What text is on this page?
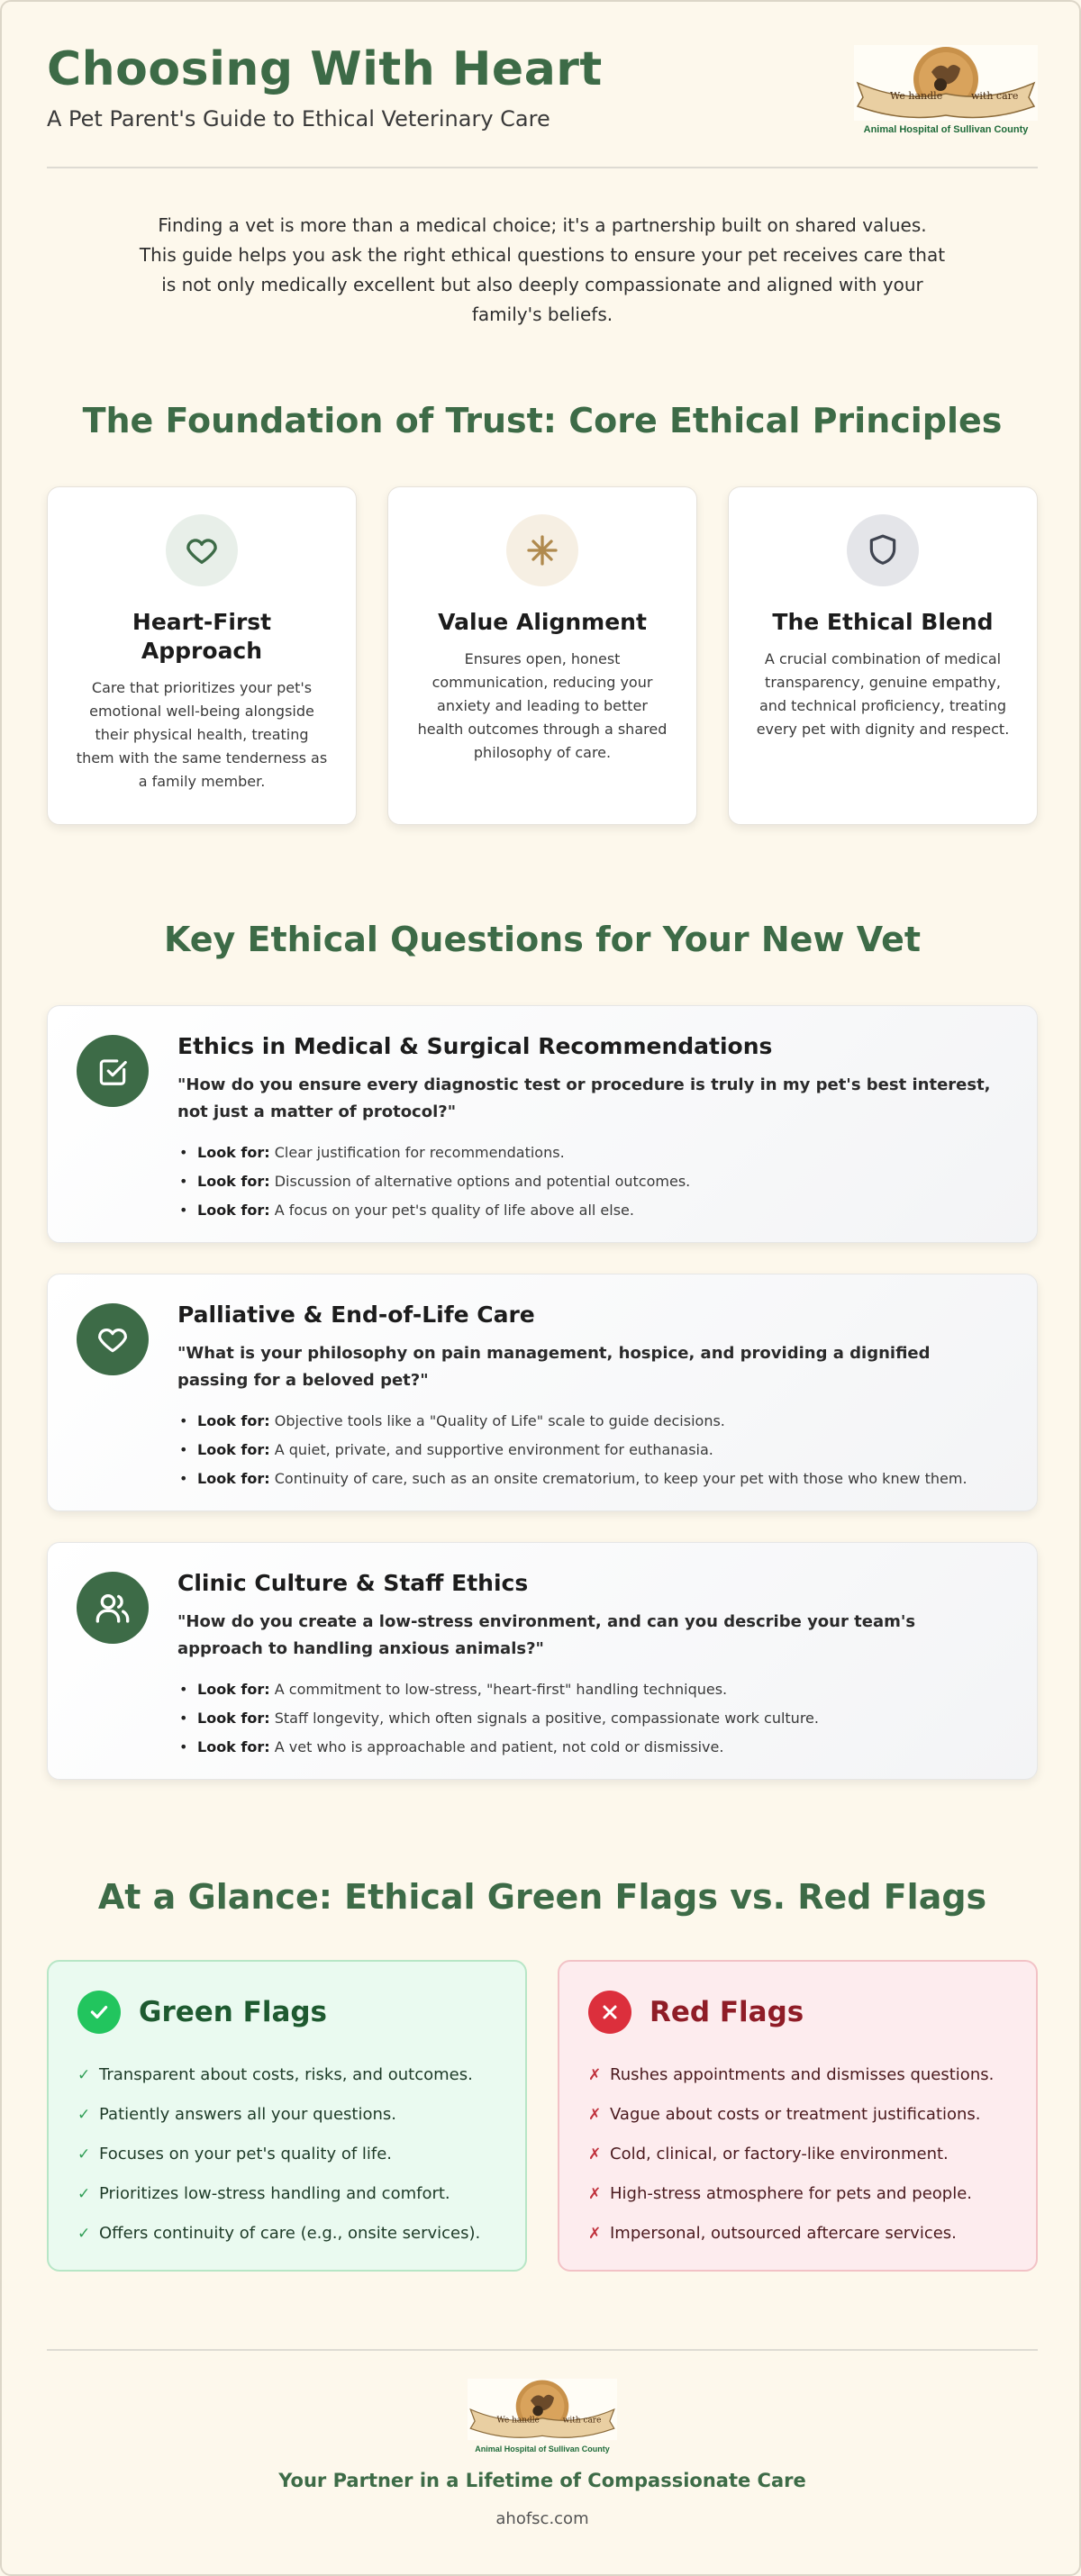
Choosing With Heart
A Pet Parent's Guide to Ethical Veterinary Care
We handle	with care
Animal Hospital of Sullivan County
Finding a vet is more than a medical choice; it's a partnership built on shared values. This guide helps you ask the right ethical questions to ensure your pet receives care that is not only medically excellent but also deeply compassionate and aligned with your family's beliefs.
The Foundation of Trust: Core Ethical Principles
Heart-First Approach
Care that prioritizes your pet's emotional well-being alongside their physical health, treating them with the same tenderness as a family member.
Value Alignment
Ensures open, honest communication, reducing your anxiety and leading to better health outcomes through a shared philosophy of care.
The Ethical Blend
A crucial combination of medical transparency, genuine empathy, and technical proficiency, treating every pet with dignity and respect.
Key Ethical Questions for Your New Vet
Ethics in Medical & Surgical Recommendations
"How do you ensure every diagnostic test or procedure is truly in my pet's best interest, not just a matter of protocol?"
• Look for: Clear justification for recommendations.
• Look for: Discussion of alternative options and potential outcomes.
• Look for: A focus on your pet's quality of life above all else.
Palliative & End-of-Life Care
"What is your philosophy on pain management, hospice, and providing a dignified passing for a beloved pet?"
• Look for: Objective tools like a "Quality of Life" scale to guide decisions.
• Look for: A quiet, private, and supportive environment for euthanasia.
• Look for: Continuity of care, such as an onsite crematorium, to keep your pet with those who knew them.
Clinic Culture & Staff Ethics
"How do you create a low-stress environment, and can you describe your team's approach to handling anxious animals?"
• Look for: A commitment to low-stress, "heart-first" handling techniques.
• Look for: Staff longevity, which often signals a positive, compassionate work culture.
• Look for: A vet who is approachable and patient, not cold or dismissive.
At a Glance: Ethical Green Flags vs. Red Flags
Green Flags
✓ Transparent about costs, risks, and outcomes.
✓ Patiently answers all your questions.
✓ Focuses on your pet's quality of life.
✓ Prioritizes low-stress handling and comfort.
✓ Offers continuity of care (e.g., onsite services).
Red Flags
✗ Rushes appointments and dismisses questions.
✗ Vague about costs or treatment justifications.
✗ Cold, clinical, or factory-like environment.
✗ High-stress atmosphere for pets and people.
✗ Impersonal, outsourced aftercare services.
We handle with care
Animal Hospital of Sullivan County
Your Partner in a Lifetime of Compassionate Care
ahofsc.com
